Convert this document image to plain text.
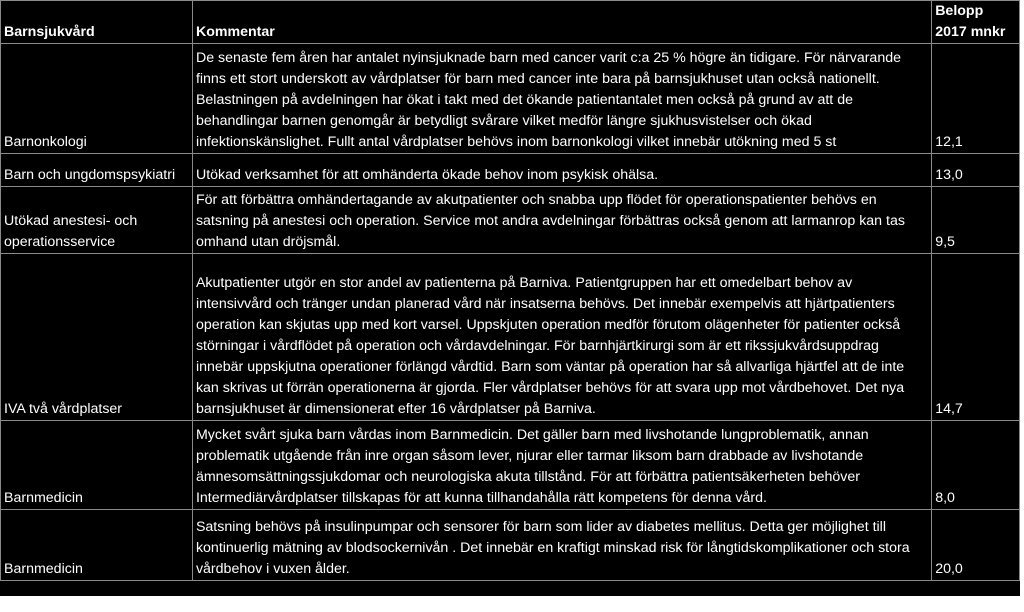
Barnsjukvård	Kommentar	Belopp 2017 mnkr

Barnonkologi	De senaste fem åren har antalet nyinsjuknade barn med cancer varit c:a 25 % högre än tidigare. För närvarande finns ett stort underskott av vårdplatser för barn med cancer inte bara på barnsjukhuset utan också nationellt. Belastningen på avdelningen har ökat i takt med det ökande patientantalet men också på grund av att de behandlingar barnen genomgår är betydligt svårare vilket medför längre sjukhusvistelser och ökad infektionskänslighet. Fullt antal vårdplatser behövs inom barnonkologi vilket innebär utökning med 5 st	12,1

Barn och ungdomspsykiatri	Utökad verksamhet för att omhänderta ökade behov inom psykisk ohälsa.	13,0

Utökad anestesi- och operationsservice	För att förbättra omhändertagande av akutpatienter och snabba upp flödet för operationspatienter behövs en satsning på anestesi och operation. Service mot andra avdelningar förbättras också genom att larmanrop kan tas omhand utan dröjsmål.	9,5

IVA två vårdplatser	Akutpatienter utgör en stor andel av patienterna på Barniva. Patientgruppen har ett omedelbart behov av intensivvård och tränger undan planerad vård när insatserna behövs. Det innebär exempelvis att hjärtpatienters operation kan skjutas upp med kort varsel. Uppskjuten operation medför förutom olägenheter för patienter också störningar i vårdflödet på operation och vårdavdelningar. För barnhjärtkirurgi som är ett rikssjukvårdsuppdrag innebär uppskjutna operationer förlängd vårdtid. Barn som väntar på operation har så allvarliga hjärtfel att de inte kan skrivas ut förrän operationerna är gjorda. Fler vårdplatser behövs för att svara upp mot vårdbehovet. Det nya barnsjukhuset är dimensionerat efter 16 vårdplatser på Barniva.	14,7

Barnmedicin	Mycket svårt sjuka barn vårdas inom Barnmedicin. Det gäller barn med livshotande lungproblematik, annan problematik utgående från inre organ såsom lever, njurar eller tarmar liksom barn drabbade av livshotande ämnesomsättningssjukdomar och neurologiska akuta tillstånd. För att förbättra patientsäkerheten behöver Intermediärvårdplatser tillskapas för att kunna tillhandahålla rätt kompetens för denna vård.	8,0

Barnmedicin	Satsning behövs på insulinpumpar och sensorer för barn som lider av diabetes mellitus. Detta ger möjlighet till kontinuerlig mätning av blodsockernivån . Det innebär en kraftigt minskad risk för långtidskomplikationer och stora vårdbehov i vuxen ålder.	20,0
